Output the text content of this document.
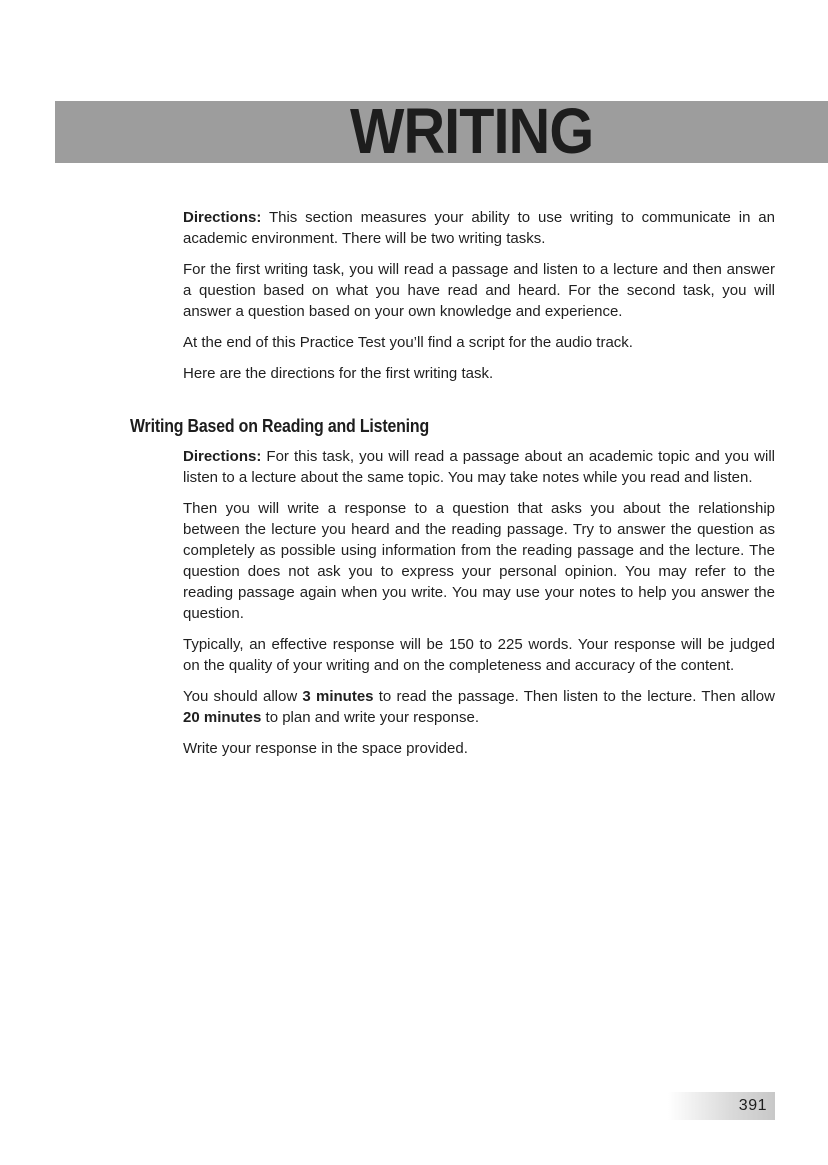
WRITING

Directions: This section measures your ability to use writing to communicate in an academic environment. There will be two writing tasks.

For the first writing task, you will read a passage and listen to a lecture and then answer a question based on what you have read and heard. For the second task, you will answer a question based on your own knowledge and experience.

At the end of this Practice Test you’ll find a script for the audio track.

Here are the directions for the first writing task.

Writing Based on Reading and Listening

Directions: For this task, you will read a passage about an academic topic and you will listen to a lecture about the same topic. You may take notes while you read and listen.

Then you will write a response to a question that asks you about the relationship between the lecture you heard and the reading passage. Try to answer the question as completely as possible using information from the reading passage and the lecture. The question does not ask you to express your personal opinion. You may refer to the reading passage again when you write. You may use your notes to help you answer the question.

Typically, an effective response will be 150 to 225 words. Your response will be judged on the quality of your writing and on the completeness and accuracy of the content.

You should allow 3 minutes to read the passage. Then listen to the lecture. Then allow 20 minutes to plan and write your response.

Write your response in the space provided.

391
